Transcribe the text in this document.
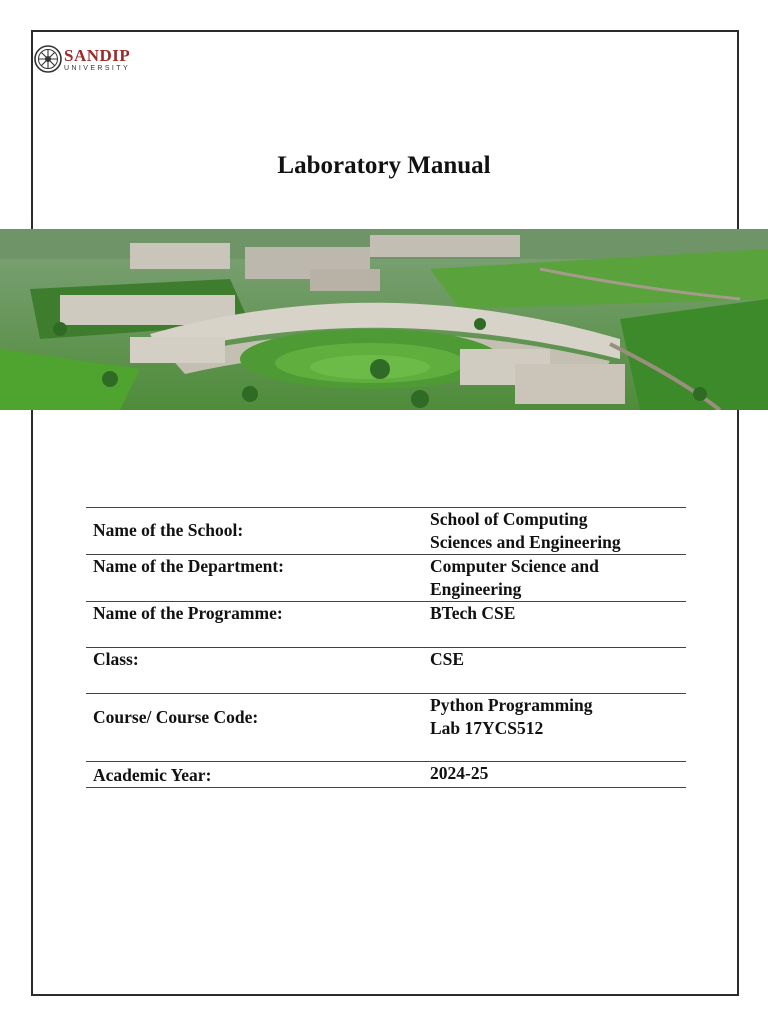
SANDIP
UNIVERSITY
Laboratory Manual
Name of the School:	School of Computing
Sciences and Engineering

Name of the Department:	Computer Science and
Engineering

Name of the Programme:	BTech CSE

Class:	CSE

Course/ Course Code:	Python Programming
Lab 17YCS512

Academic Year:	2024-25
